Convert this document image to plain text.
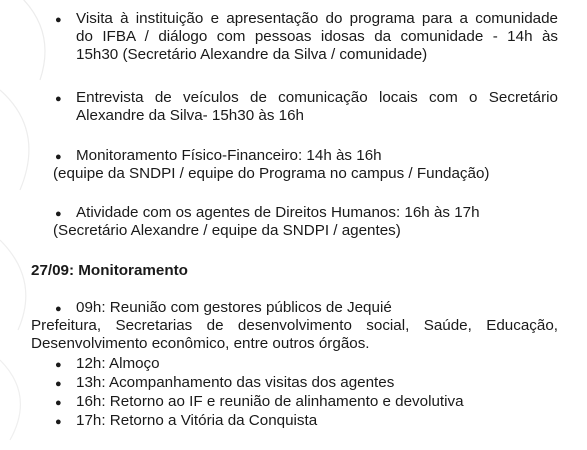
● Visita à instituição e apresentação do programa para a comunidade
do IFBA / diálogo com pessoas idosas da comunidade - 14h às
15h30 (Secretário Alexandre da Silva / comunidade)
● Entrevista de veículos de comunicação locais com o Secretário
Alexandre da Silva- 15h30 às 16h
● Monitoramento Físico-Financeiro: 14h às 16h
(equipe da SNDPI / equipe do Programa no campus / Fundação)
● Atividade com os agentes de Direitos Humanos: 16h às 17h
(Secretário Alexandre / equipe da SNDPI / agentes)
27/09: Monitoramento
● 09h: Reunião com gestores públicos de Jequié
Prefeitura, Secretarias de desenvolvimento social, Saúde, Educação,
Desenvolvimento econômico, entre outros órgãos.
● 12h: Almoço
● 13h: Acompanhamento das visitas dos agentes
● 16h: Retorno ao IF e reunião de alinhamento e devolutiva
● 17h: Retorno a Vitória da Conquista
